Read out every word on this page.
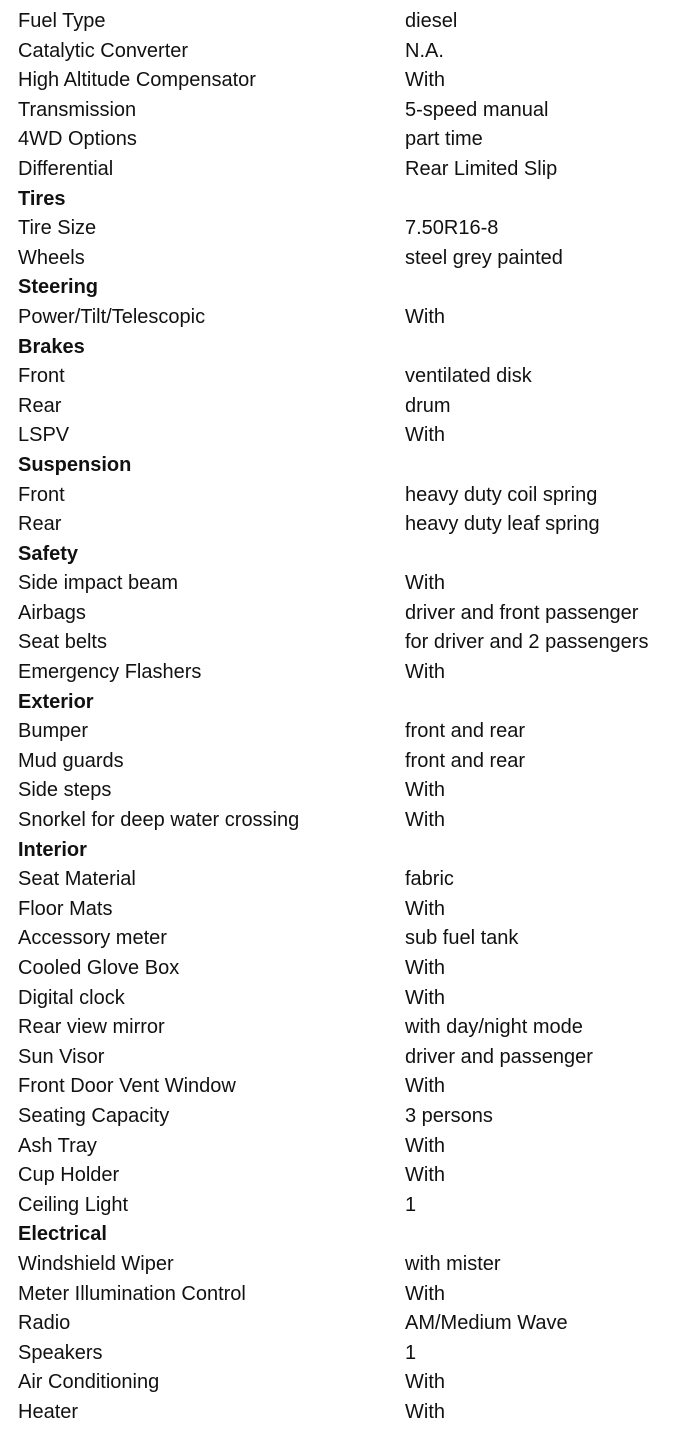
Fuel Type	diesel
Catalytic Converter	N.A.
High Altitude Compensator	With
Transmission	5-speed manual
4WD Options	part time
Differential	Rear Limited Slip
Tires
Tire Size	7.50R16-8
Wheels	steel grey painted
Steering
Power/Tilt/Telescopic	With
Brakes
Front	ventilated disk
Rear	drum
LSPV	With
Suspension
Front	heavy duty coil spring
Rear	heavy duty leaf spring
Safety
Side impact beam	With
Airbags	driver and front passenger
Seat belts	for driver and 2 passengers
Emergency Flashers	With
Exterior
Bumper	front and rear
Mud guards	front and rear
Side steps	With
Snorkel for deep water crossing	With
Interior
Seat Material	fabric
Floor Mats	With
Accessory meter	sub fuel tank
Cooled Glove Box	With
Digital clock	With
Rear view mirror	with day/night mode
Sun Visor	driver and passenger
Front Door Vent Window	With
Seating Capacity	3 persons
Ash Tray	With
Cup Holder	With
Ceiling Light	1
Electrical
Windshield Wiper	with mister
Meter Illumination Control	With
Radio	AM/Medium Wave
Speakers	1
Air Conditioning	With
Heater	With
